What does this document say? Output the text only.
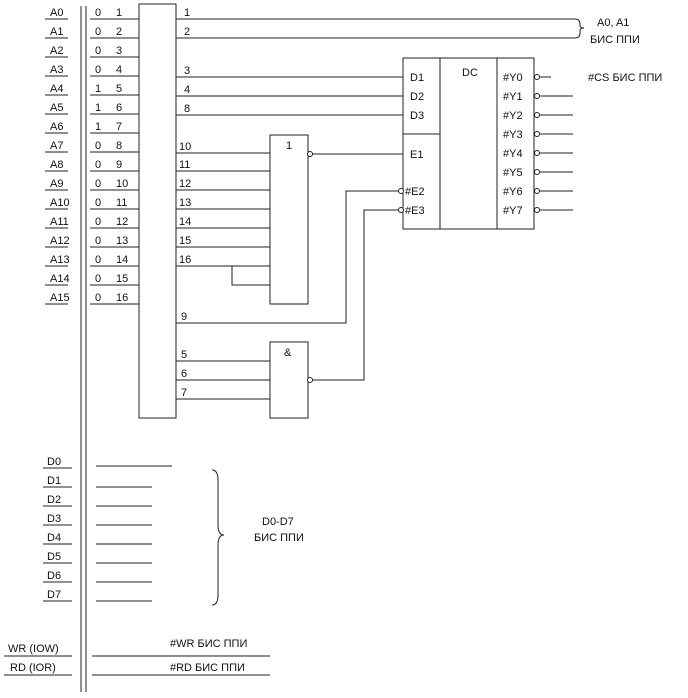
A0	0 1
A1	0 2
A2	0 3
A3	0 4
A4	1 5
A5	1 6
A6	1 7
A7	0 8
A8	0 9
A9	0 10
A10 0 11
A11 0 12
A12 0 13
A13 0 14
A14 0 15
A15 0 16
1
2
3
4
8
10
11
12
13
14
15
16
9
5
6
7
A0, A1
БИС ППИ
1
&
DC
D1
D2
D3
E1
#E2
#E3
#Y0
#Y1
#Y2
#Y3
#Y4
#Y5
#Y6
#Y7
#CS БИС ППИ
D0
D1
D2
D3
D4
D5
D6
D7
D0-D7
БИС ППИ
WR (IOW)
RD (IOR)
#WR БИС ППИ
#RD БИС ППИ
